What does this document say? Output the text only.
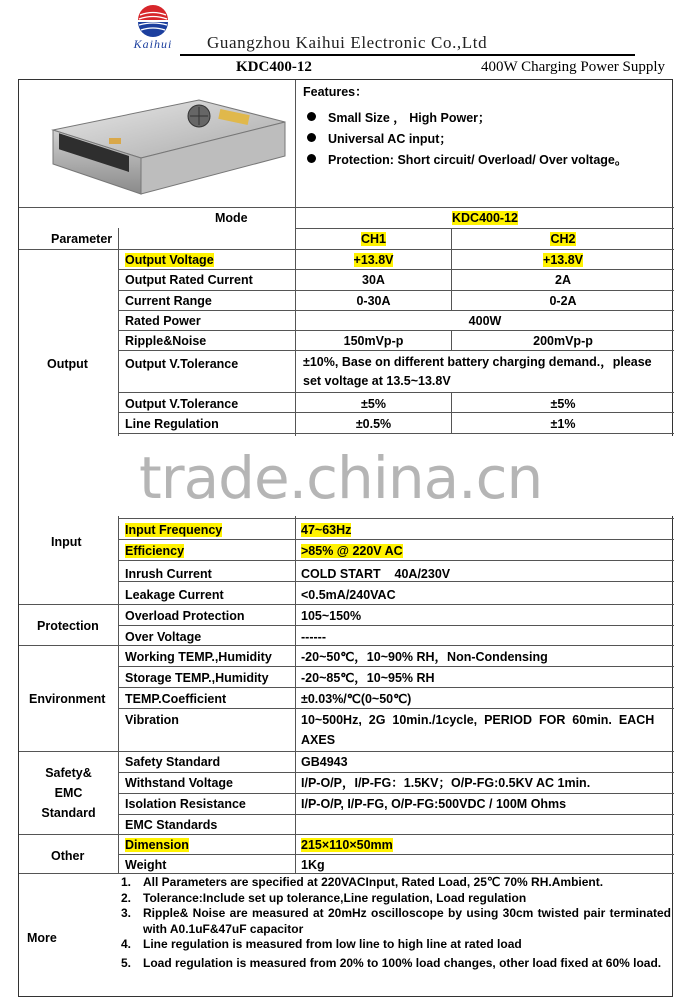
Kaihui	Guangzhou Kaihui Electronic Co.,Ltd
KDC400-12	400W Charging Power Supply
Features：
Small Size ， High Power；
Universal AC input；
Protection: Short circuit/ Overload/ Over voltage。
Mode	KDC400-12
Parameter	CH1	CH2
Output
Output Voltage	+13.8V	+13.8V
Output Rated Current	30A	2A
Current Range	0-30A	0-2A
Rated Power	400W
Ripple&Noise	150mVp-p	200mVp-p
Output V.Tolerance	±10%, Base on different battery charging demand.，please
set voltage at 13.5~13.8V
Output V.Tolerance	±5%	±5%
Line Regulation	±0.5%	±1%
trade.china.cn
Input
Input Frequency	47~63Hz
Efficiency	>85% @ 220V AC
Inrush Current	COLD START    40A/230V
Leakage Current	<0.5mA/240VAC
Protection
Overload Protection	105~150%
Over Voltage	------
Environment
Working TEMP.,Humidity -20~50℃，10~90% RH，Non-Condensing
Storage TEMP.,Humidity	-20~85℃，10~95% RH
TEMP.Coefficient	±0.03%/℃(0~50℃)
Vibration	10~500Hz,  2G  10min./1cycle,  PERIOD  FOR  60min.  EACH
AXES
Safety&
EMC
Standard
Safety Standard	GB4943
Withstand Voltage	I/P-O/P，I/P-FG：1.5KV；O/P-FG:0.5KV AC 1min.
Isolation Resistance	I/P-O/P, I/P-FG, O/P-FG:500VDC / 100M Ohms
EMC Standards
Other
Dimension	215×110×50mm
Weight	1Kg
More
1. All Parameters are specified at 220VACInput, Rated Load, 25℃ 70% RH.Ambient.
2. Tolerance:Include set up tolerance,Line regulation, Load regulation
3. Ripple& Noise are measured at 20mHz oscilloscope by using 30cm twisted pair terminated with A0.1uF&47uF capacitor
4. Line regulation is measured from low line to high line at rated load
5. Load regulation is measured from 20% to 100% load changes, other load fixed at 60% load.
